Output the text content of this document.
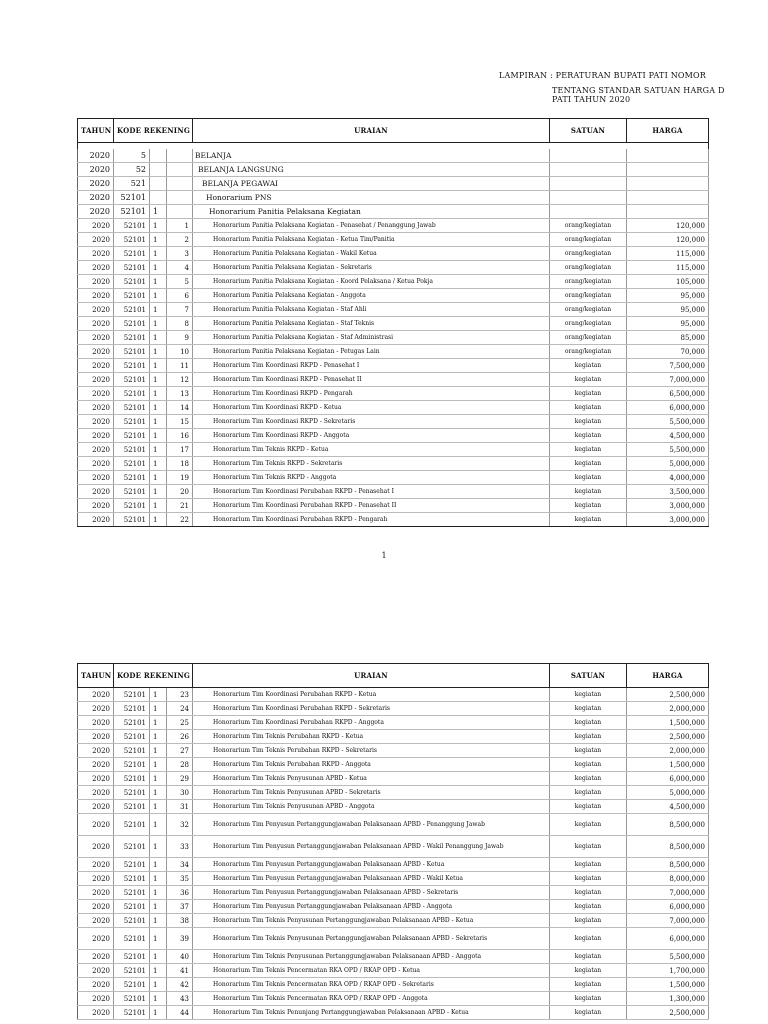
LAMPIRAN : PERATURAN BUPATI PATI NOMOR
TENTANG STANDAR SATUAN HARGA D
PATI TAHUN 2020
TAHUN	KODE REKENING			URAIAN	SATUAN	HARGA

2020	5			BELANJA		
2020	52			BELANJA LANGSUNG		
2020	521			BELANJA PEGAWAI		
2020	52101			Honorarium PNS		
2020	52101	1		Honorarium Panitia Pelaksana Kegiatan		
2020	52101	1	1	Honorarium Panitia Pelaksana Kegiatan - Penasehat / Penanggung Jawab	orang/kegiatan	120,000
2020	52101	1	2	Honorarium Panitia Pelaksana Kegiatan - Ketua Tim/Panitia	orang/kegiatan	120,000
2020	52101	1	3	Honorarium Panitia Pelaksana Kegiatan - Wakil Ketua	orang/kegiatan	115,000
2020	52101	1	4	Honorarium Panitia Pelaksana Kegiatan - Sekretaris	orang/kegiatan	115,000
2020	52101	1	5	Honorarium Panitia Pelaksana Kegiatan - Koord Pelaksana / Ketua Pokja	orang/kegiatan	105,000
2020	52101	1	6	Honorarium Panitia Pelaksana Kegiatan - Anggota	orang/kegiatan	95,000
2020	52101	1	7	Honorarium Panitia Pelaksana Kegiatan - Staf Ahli	orang/kegiatan	95,000
2020	52101	1	8	Honorarium Panitia Pelaksana Kegiatan - Staf Teknis	orang/kegiatan	95,000
2020	52101	1	9	Honorarium Panitia Pelaksana Kegiatan - Staf Administrasi	orang/kegiatan	85,000
2020	52101	1	10	Honorarium Panitia Pelaksana Kegiatan - Petugas Lain	orang/kegiatan	70,000
2020	52101	1	11	Honorarium Tim Koordinasi RKPD - Penasehat I	kegiatan	7,500,000
2020	52101	1	12	Honorarium Tim Koordinasi RKPD - Penasehat II	kegiatan	7,000,000
2020	52101	1	13	Honorarium Tim Koordinasi RKPD - Pengarah	kegiatan	6,500,000
2020	52101	1	14	Honorarium Tim Koordinasi RKPD - Ketua	kegiatan	6,000,000
2020	52101	1	15	Honorarium Tim Koordinasi RKPD - Sekretaris	kegiatan	5,500,000
2020	52101	1	16	Honorarium Tim Koordinasi RKPD - Anggota	kegiatan	4,500,000
2020	52101	1	17	Honorarium Tim Teknis RKPD - Ketua	kegiatan	5,500,000
2020	52101	1	18	Honorarium Tim Teknis RKPD - Sekretaris	kegiatan	5,000,000
2020	52101	1	19	Honorarium Tim Teknis RKPD - Anggota	kegiatan	4,000,000
2020	52101	1	20	Honorarium Tim Koordinasi Perubahan RKPD - Penasehat I	kegiatan	3,500,000
2020	52101	1	21	Honorarium Tim Koordinasi Perubahan RKPD - Penasehat II	kegiatan	3,000,000
2020	52101	1	22	Honorarium Tim Koordinasi Perubahan RKPD - Pengarah	kegiatan	3,000,000
1
TAHUN	KODE REKENING			URAIAN	SATUAN	HARGA
2020	52101	1	23	Honorarium Tim Koordinasi Perubahan RKPD - Ketua	kegiatan	2,500,000
2020	52101	1	24	Honorarium Tim Koordinasi Perubahan RKPD - Sekretaris	kegiatan	2,000,000
2020	52101	1	25	Honorarium Tim Koordinasi Perubahan RKPD - Anggota	kegiatan	1,500,000
2020	52101	1	26	Honorarium Tim Teknis Perubahan RKPD - Ketua	kegiatan	2,500,000
2020	52101	1	27	Honorarium Tim Teknis Perubahan RKPD - Sekretaris	kegiatan	2,000,000
2020	52101	1	28	Honorarium Tim Teknis Perubahan RKPD - Anggota	kegiatan	1,500,000
2020	52101	1	29	Honorarium Tim Teknis Penyusunan APBD - Ketua	kegiatan	6,000,000
2020	52101	1	30	Honorarium Tim Teknis Penyusunan APBD - Sekretaris	kegiatan	5,000,000
2020	52101	1	31	Honorarium Tim Teknis Penyusunan APBD - Anggota	kegiatan	4,500,000
2020	52101	1	32	Honorarium Tim Penyusun Pertanggungjawaban Pelaksanaan APBD - Penanggung Jawab	kegiatan	8,500,000
2020	52101	1	33	Honorarium Tim Penyusun Pertanggungjawaban Pelaksanaan APBD - Wakil Penanggung Jawab	kegiatan	8,500,000
2020	52101	1	34	Honorarium Tim Penyusun Pertanggungjawaban Pelaksanaan APBD - Ketua	kegiatan	8,500,000
2020	52101	1	35	Honorarium Tim Penyusun Pertanggungjawaban Pelaksanaan APBD - Wakil Ketua	kegiatan	8,000,000
2020	52101	1	36	Honorarium Tim Penyusun Pertanggungjawaban Pelaksanaan APBD - Sekretaris	kegiatan	7,000,000
2020	52101	1	37	Honorarium Tim Penyusun Pertanggungjawaban Pelaksanaan APBD - Anggota	kegiatan	6,000,000
2020	52101	1	38	Honorarium Tim Teknis Penyusunan Pertanggungjawaban Pelaksanaan APBD - Ketua	kegiatan	7,000,000
2020	52101	1	39	Honorarium Tim Teknis Penyusunan Pertanggungjawaban Pelaksanaan APBD - Sekretaris	kegiatan	6,000,000
2020	52101	1	40	Honorarium Tim Teknis Penyusunan Pertanggungjawaban Pelaksanaan APBD - Anggota	kegiatan	5,500,000
2020	52101	1	41	Honorarium Tim Teknis Pencermatan RKA OPD / RKAP OPD - Ketua	kegiatan	1,700,000
2020	52101	1	42	Honorarium Tim Teknis Pencermatan RKA OPD / RKAP OPD - Sekretaris	kegiatan	1,500,000
2020	52101	1	43	Honorarium Tim Teknis Pencermatan RKA OPD / RKAP OPD - Anggota	kegiatan	1,300,000
2020	52101	1	44	Honorarium Tim Teknis Penunjang Pertanggungjawaban Pelaksanaan APBD - Ketua	kegiatan	2,500,000
